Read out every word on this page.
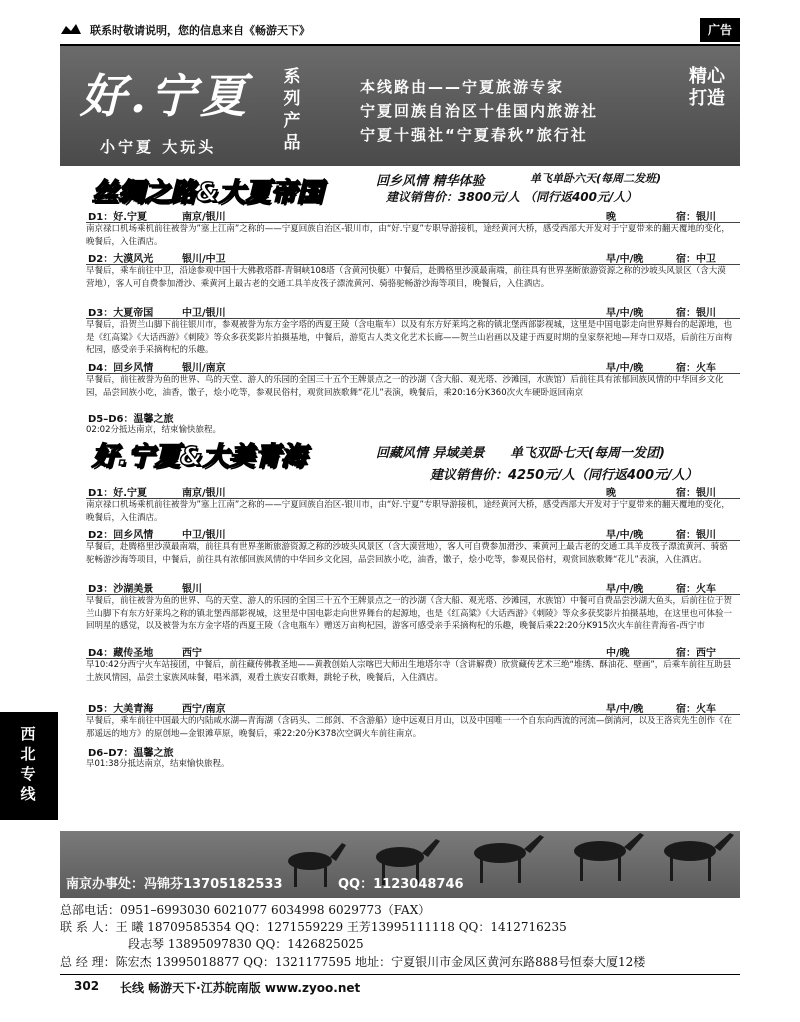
联系时敬请说明，您的信息来自《畅游天下》	广告
好.宁夏
小宁夏 大玩头
系列产品
本线路由——宁夏旅游专家
宁夏回族自治区十佳国内旅游社
宁夏十强社“宁夏春秋”旅行社
精心打造
丝绸之路&大夏帝国	回乡风情 精华体验	单飞单卧六天(每周二发班)
建议销售价：3800元/人 （同行返400元/人）
D1：好.宁夏	南京/银川	晚	宿：银川
南京禄口机场乘机前往被誉为”塞上江南”之称的——宁夏回族自治区-银川市，由“好.宁夏”专职导游接机，途经黄河大桥，感受西部大开发对于宁夏带来的翻天覆地的变化，晚餐后，入住酒店。
D2：大漠风光	银川/中卫	早/中/晚	宿：中卫
早餐后，乘车前往中卫，沿途参观中国十大佛教塔群-青铜峡108塔（含黄河快艇）中餐后，赴腾格里沙漠最南端，前往具有世界垄断旅游资源之称的沙坡头风景区（含大漠营地），客人可自费参加滑沙、乘黄河上最古老的交通工具羊皮筏子漂流黄河、骑骆驼畅游沙海等项目，晚餐后，入住酒店。
D3：大夏帝国	中卫/银川	早/中/晚	宿：银川
早餐后，沿贺兰山脚下前往银川市，参观被誉为东方金字塔的西夏王陵（含电瓶车）以及有东方好莱坞之称的镇北堡西部影视城，这里是中国电影走向世界舞台的起源地，也是《红高粱》《大话西游》《刺陵》等众多获奖影片拍摄基地，中餐后，游览古人类文化艺术长廊——贺兰山岩画以及建于西夏时期的皇家祭祀地—拜寺口双塔，后前往万亩枸杞园，感受亲手采摘枸杞的乐趣。
D4：回乡风情	银川/南京	早/中/晚	宿：火车
早餐后，前往被誉为鱼的世界、鸟的天堂、游人的乐园的全国三十五个王牌景点之一的沙湖（含大船、观光塔、沙滩园，水族馆）后前往具有浓郁回族风情的中华回乡文化园，品尝回族小吃，油香，馓子，烩小吃等，参观民俗村，观赏回族歌舞“花儿”表演，晚餐后，乘20:16分K360次火车硬卧返回南京
D5–D6：温馨之旅
02:02分抵达南京，结束愉快旅程。
好.宁夏&大美青海	回藏风情 异域美景 单飞双卧七天(每周一发团)
建议销售价：4250元/人（同行返400元/人）
D1：好.宁夏	南京/银川	晚	宿：银川
南京禄口机场乘机前往被誉为”塞上江南”之称的——宁夏回族自治区-银川市，由“好.宁夏”专职导游接机，途经黄河大桥，感受西部大开发对于宁夏带来的翻天覆地的变化，晚餐后，入住酒店。
D2：回乡风情	中卫/银川	早/中/晚	宿：银川
早餐后，赴腾格里沙漠最南端，前往具有世界垄断旅游资源之称的沙坡头风景区（含大漠营地），客人可自费参加滑沙、乘黄河上最古老的交通工具羊皮筏子漂流黄河、骑骆驼畅游沙海等项目，中餐后，前往具有浓郁回族风情的中华回乡文化园，品尝回族小吃，油香，馓子，烩小吃等，参观民俗村，观赏回族歌舞“花儿”表演，入住酒店。
D3：沙湖美景	银川	早/中/晚	宿：火车
早餐后，前往被誉为鱼的世界、鸟的天堂、游人的乐园的全国三十五个王牌景点之一的沙湖（含大船、观光塔、沙滩园，水族馆）中餐可自费品尝沙湖大鱼头，后前往位于贺兰山脚下有东方好莱坞之称的镇北堡西部影视城，这里是中国电影走向世界舞台的起源地，也是《红高粱》《大话西游》《刺陵》等众多获奖影片拍摄基地，在这里也可体验一回明星的感觉，以及被誉为东方金字塔的西夏王陵（含电瓶车）赠送万亩枸杞园，游客可感受亲手采摘枸杞的乐趣，晚餐后乘22:20分K915次火车前往青海省-西宁市
D4：藏传圣地	西宁	中/晚	宿：西宁
早10:42分西宁火车站接团，中餐后，前往藏传佛教圣地——黄教创始人宗喀巴大师出生地塔尔寺（含讲解费）欣赏藏传艺术三绝“堆绣、酥油花、壁画”，后乘车前往互助县土族风情园，品尝土家族风味餐，唱米酒，观看土族安召歌舞，跳轮子秋，晚餐后，入住酒店。
D5：大美青海	西宁/南京	早/中/晚	宿：火车
早餐后，乘车前往中国最大的内陆咸水湖—青海湖（含码头、二郎剑、不含游船）途中远观日月山，以及中国唯一一个自东向西流的河流—倒淌河，以及王洛宾先生创作《在那遥远的地方》的原创地—金银滩草原，晚餐后，乘22:20分K378次空调火车前往南京。
D6–D7：温馨之旅
早01:38分抵达南京，结束愉快旅程。
南京办事处：冯锦芬13705182533	QQ：1123048746
总部电话：0951–6993030 6021077 6034998 6029773（FAX）
联 系 人：王 曦 18709585354 QQ：1271559229 王芳13995111118 QQ：1412716235
段志琴 13895097830 QQ：1426825025
总 经 理：陈宏杰 13995018877 QQ：1321177595 地址：宁夏银川市金凤区黄河东路888号恒泰大厦12楼
西北专线
302 长线 畅游天下·江苏皖南版 www.zyoo.net
